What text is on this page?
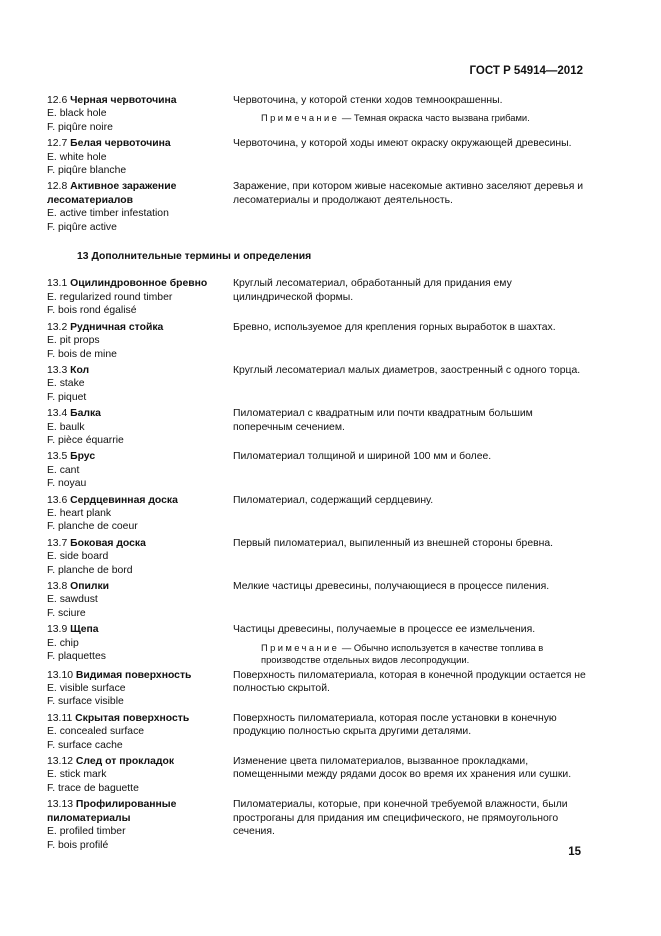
ГОСТ Р 54914—2012
12.6 Черная червоточина
E. black hole
F. piqûre noire
Червоточина, у которой стенки ходов темноокрашенны.
Примечание — Темная окраска часто вызвана грибами.
12.7 Белая червоточина
E. white hole
F. piqûre blanche
Червоточина, у которой ходы имеют окраску окружающей древесины.
12.8 Активное заражение лесоматериалов
E. active timber infestation
F. piqûre active
Заражение, при котором живые насекомые активно заселяют деревья и лесоматериалы и продолжают деятельность.
13 Дополнительные термины и определения
13.1 Оцилиндровонное бревно
E. regularized round timber
F. bois rond égalisé
Круглый лесоматериал, обработанный для придания ему цилиндрической формы.
13.2 Рудничная стойка
E. pit props
F. bois de mine
Бревно, используемое для крепления горных выработок в шахтах.
13.3 Кол
E. stake
F. piquet
Круглый лесоматериал малых диаметров, заостренный с одного торца.
13.4 Балка
E. baulk
F. pièce équarrie
Пиломатериал с квадратным или почти квадратным большим поперечным сечением.
13.5 Брус
E. cant
F. noyau
Пиломатериал толщиной и шириной 100 мм и более.
13.6 Сердцевинная доска
E. heart plank
F. planche de coeur
Пиломатериал, содержащий сердцевину.
13.7 Боковая доска
E. side board
F. planche de bord
Первый пиломатериал, выпиленный из внешней стороны бревна.
13.8 Опилки
E. sawdust
F. sciure
Мелкие частицы древесины, получающиеся в процессе пиления.
13.9 Щепа
E. chip
F. plaquettes
Частицы древесины, получаемые в процессе ее измельчения.
Примечание — Обычно используется в качестве топлива в производстве отдельных видов лесопродукции.
13.10 Видимая поверхность
E. visible surface
F. surface visible
Поверхность пиломатериала, которая в конечной продукции остается не полностью скрытой.
13.11 Скрытая поверхность
E. concealed surface
F. surface cache
Поверхность пиломатериала, которая после установки в конечную продукцию полностью скрыта другими деталями.
13.12 След от прокладок
E. stick mark
F. trace de baguette
Изменение цвета пиломатериалов, вызванное прокладками, помещенными между рядами досок во время их хранения или сушки.
13.13 Профилированные пиломатериалы
E. profiled timber
F. bois profilé
Пиломатериалы, которые, при конечной требуемой влажности, были простроганы для придания им специфического, не прямоугольного сечения.
15
